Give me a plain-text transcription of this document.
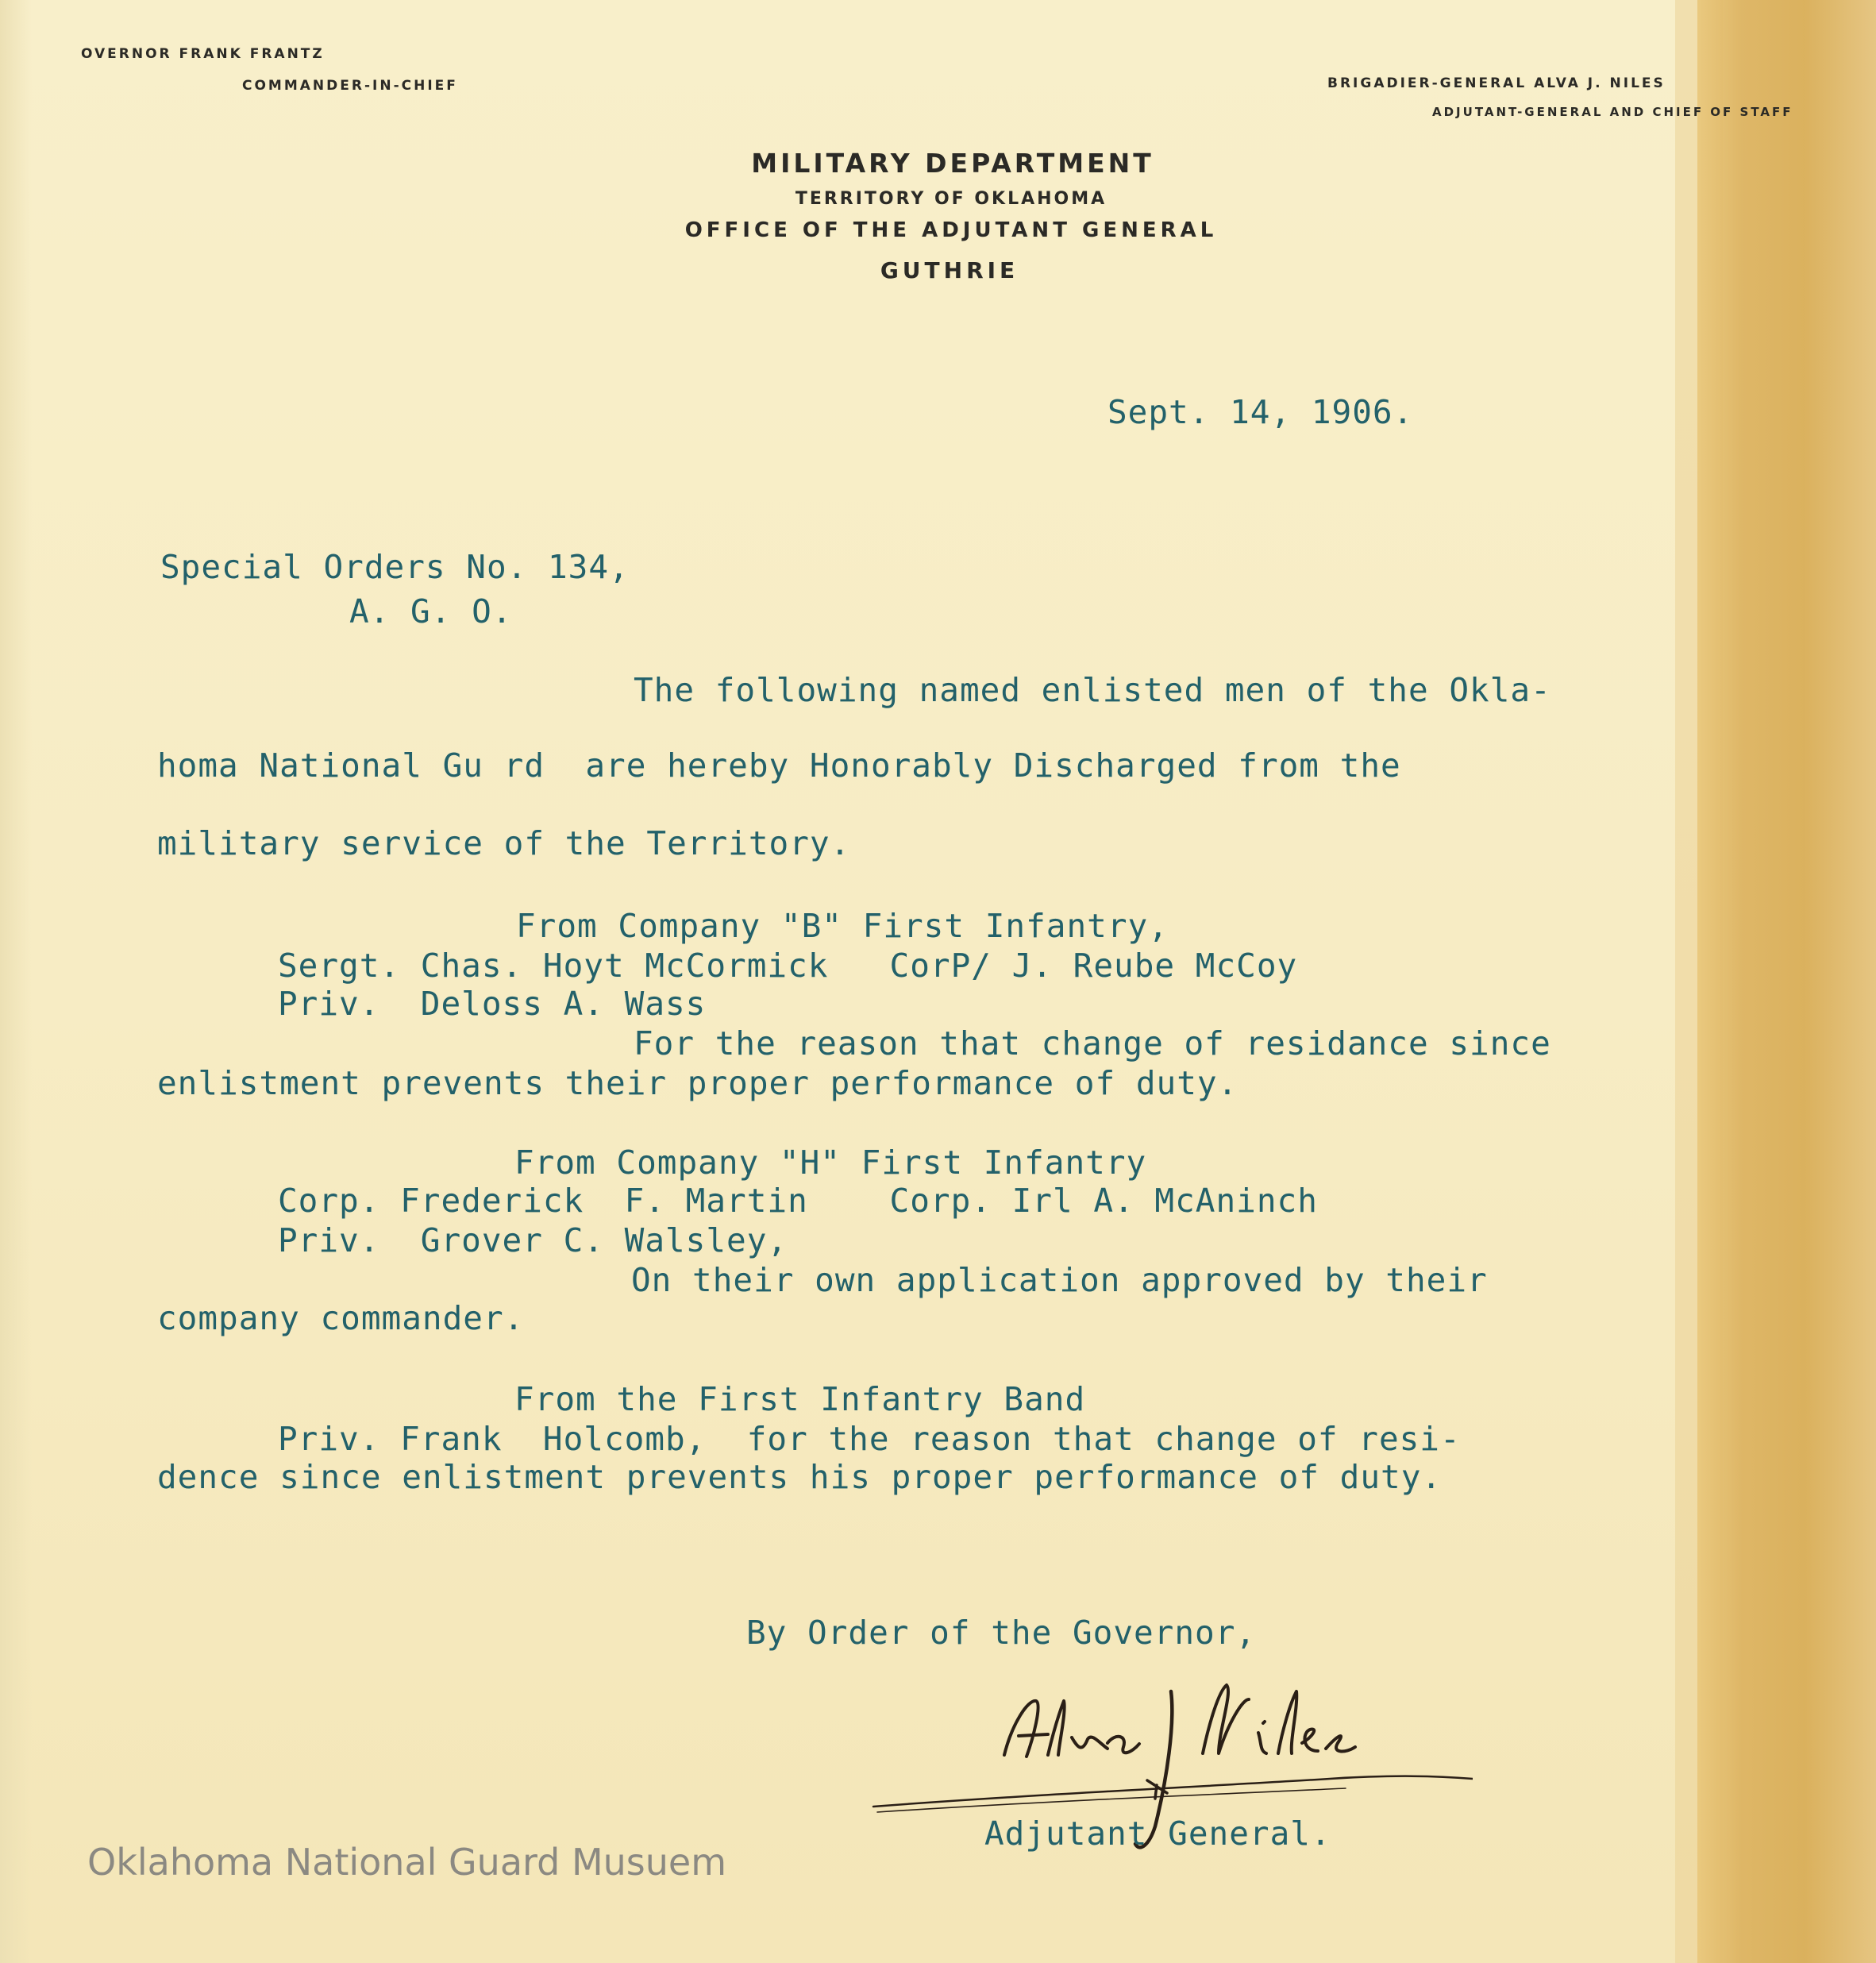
OVERNOR FRANK FRANTZ
COMMANDER-IN-CHIEF	BRIGADIER-GENERAL ALVA J. NILES
ADJUTANT-GENERAL AND CHIEF OF STAFF
MILITARY DEPARTMENT
TERRITORY OF OKLAHOMA
OFFICE OF THE ADJUTANT GENERAL
GUTHRIE
Sept. 14, 1906.
Special Orders No. 134,
A. G. O.
The following named enlisted men of the Okla-
homa National Gu rd  are hereby Honorably Discharged from the
military service of the Territory.
From Company "B" First Infantry,
Sergt. Chas. Hoyt McCormick   CorP/ J. Reube McCoy
Priv.  Deloss A. Wass
For the reason that change of residance since
enlistment prevents their proper performance of duty.
From Company "H" First Infantry
Corp. Frederick  F. Martin    Corp. Irl A. McAninch
Priv.  Grover C. Walsley,
On their own application approved by their
company commander.
From the First Infantry Band
Priv. Frank  Holcomb,  for the reason that change of resi-
dence since enlistment prevents his proper performance of duty.
By Order of the Governor,
Adjutant General.
Oklahoma National Guard Musuem
